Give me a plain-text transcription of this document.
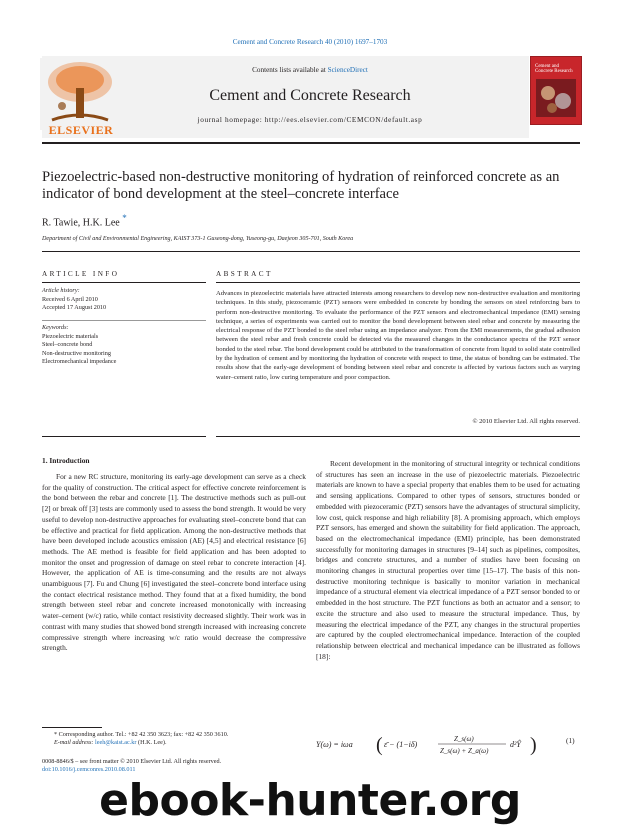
Cement and Concrete Research 40 (2010) 1697–1703
ELSEVIER
Contents lists available at ScienceDirect
Cement and Concrete Research
journal homepage: http://ees.elsevier.com/CEMCON/default.asp
Cement and Concrete Research
Piezoelectric-based non-destructive monitoring of hydration of reinforced concrete as an indicator of bond development at the steel–concrete interface
R. Tawie, H.K. Lee *
Department of Civil and Environmental Engineering, KAIST 373-1 Guseong-dong, Yuseong-gu, Daejeon 305-701, South Korea
ARTICLE INFO	ABSTRACT
Article history:
Received 6 April 2010
Accepted 17 August 2010
Keywords:
Piezoelectric materials
Steel–concrete bond
Non-destructive monitoring
Electromechanical impedance
Advances in piezoelectric materials have attracted interests among researchers to develop new non-destructive evaluation and monitoring techniques. In this study, piezoceramic (PZT) sensors were embedded in concrete by bonding the sensors on steel reinforcing bars to perform non-destructive monitoring. To evaluate the performance of the PZT sensors and electromechanical impedance (EMI) sensing technique, a series of experiments was carried out to monitor the bond development between steel rebar and concrete by measuring the electrical response of the PZT bonded to the steel rebar using an impedance analyzer. From the EMI measurements, the gradual adhesion between the steel rebar and fresh concrete could be detected via the measured changes in the conductance spectra of the PZT sensor bonded to the steel rebar. The bond development could be attributed to the transformation of concrete from liquid to solid state controlled by the hydration of cement and by monitoring the hydration of concrete with respect to time, the status of bonding can be estimated. The results show that the early-age development of bonding between steel rebar and concrete is affected by various factors such as varying water–cement ratio, low curing temperature and poor compaction.
© 2010 Elsevier Ltd. All rights reserved.
1. Introduction
For a new RC structure, monitoring its early-age development can serve as a check for the quality of construction. The critical aspect for effective concrete reinforcement is the bond between the rebar and concrete [1]. The destructive methods such as pull-out [2] or break off [3] tests are commonly used to assess the bond strength. It would be very useful to develop non-destructive approaches for evaluating steel–concrete bond that can be effective and practical for field application. Among the non-destructive methods that have been developed include acoustics emission (AE) [4,5] and electrical resistance [6] methods. The AE method is feasible for field application and has been adopted to monitor the onset and progression of damage on steel rebar to concrete interaction [4]. However, the application of AE is time-consuming and the results are not always unambiguous [7]. Fu and Chung [6] investigated the steel–concrete bond interface using the contact electrical resistance method. They found that at a fixed humidity, the bond strength between steel rebar and concrete increased monotonically with increasing water–cement (w/c) ratio, while contact resistivity decreased slightly. Their work was in contrast with many studies that showed bond strength increased with increasing concrete compressive strength where increasing w/c ratio would decrease the compressive strength.
Recent development in the monitoring of structural integrity or technical conditions of structures has seen an increase in the use of piezoelectric materials. Piezoelectric materials are known to have a special property that enables them to be used for actuating and sensing applications. Compared to other types of sensors, structures bonded or embedded with piezoceramic (PZT) sensors have the advantages of structural simplicity, low cost, quick response and high reliability [8]. A promising approach, which employs PZT sensors, has emerged and shown the suitability for field application. The approach, based on the electromechanical impedance (EMI) principle, has been demonstrated successfully for monitoring damages in structures [9–14] such as pipelines, composites, bridges and concrete structures, and a number of studies have been focusing on monitoring changes in structural properties over time [15–17]. The basis of this non-destructive monitoring technique is basically to monitor variation in mechanical impedance of a structural element via electrical impedance of a PZT sensor bonded to or embedded in the host structure. The PZT functions as both an actuator and a sensor; to excite the structure and also used to measure the structural impedance. Thus, by measuring the electrical impedance of the PZT, any changes in the structural properties are captured by the coupled electromechanical impedance. Interaction of the coupled relationship between electrical and mechanical impedance can be illustrated as follows [18]:
Y(ω) = iωa ( ε̄ − (1−iδ)
Z_s(ω)
Z_s(ω) + Z_a(ω)
d²Ŷ )	(1)
* Corresponding author. Tel.: +82 42 350 3623; fax: +82 42 350 3610.
E-mail address: leeh@kaist.ac.kr (H.K. Lee).
0008-8846/$ – see front matter © 2010 Elsevier Ltd. All rights reserved.
doi:10.1016/j.cemconres.2010.08.011
ebook-hunter.org
